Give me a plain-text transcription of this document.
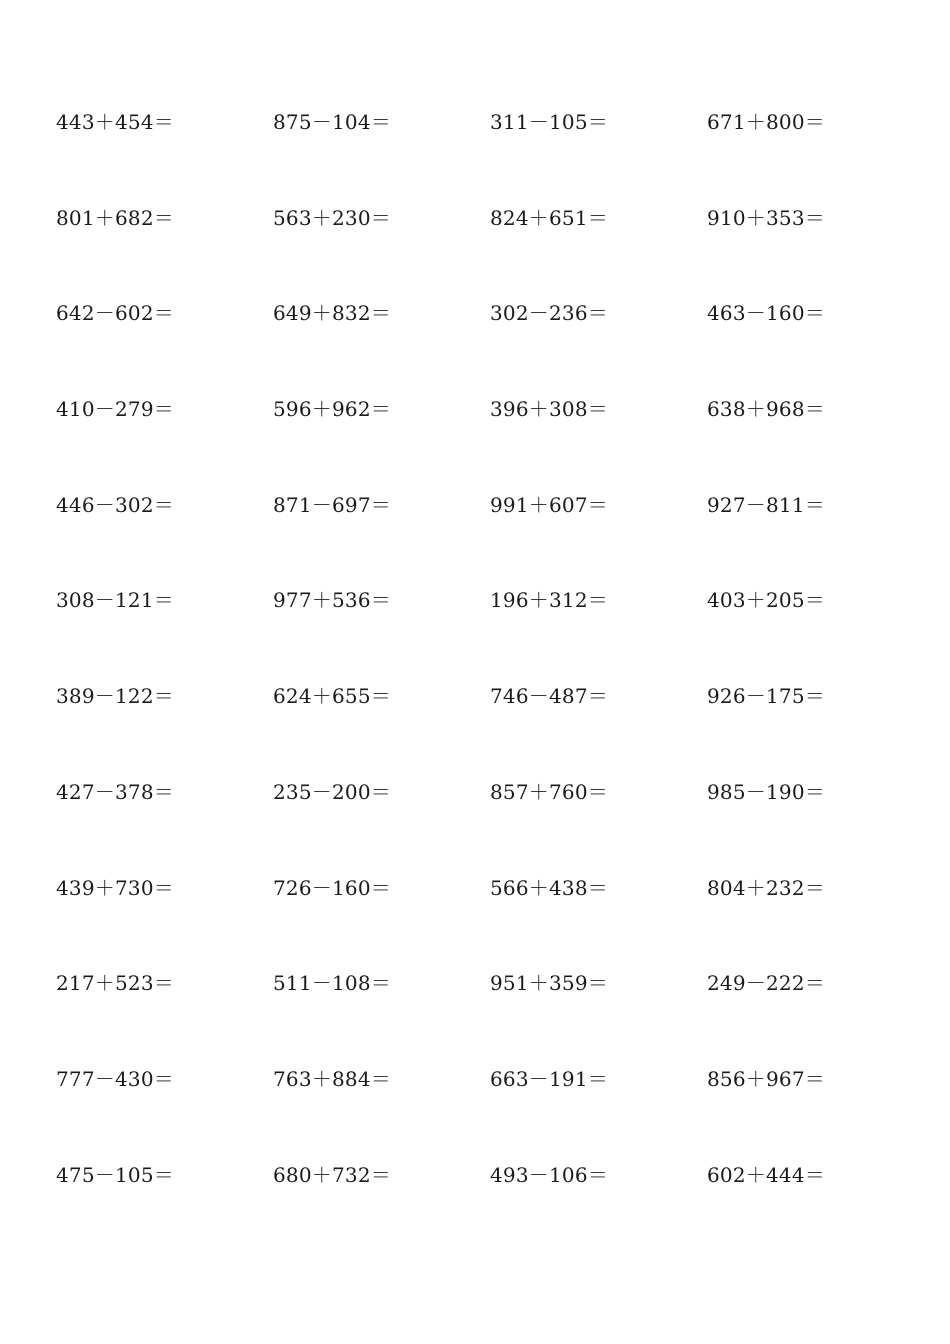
443＋454＝	875－104＝	311－105＝	671＋800＝
801＋682＝	563＋230＝	824＋651＝	910＋353＝
642－602＝	649＋832＝	302－236＝	463－160＝
410－279＝	596＋962＝	396＋308＝	638＋968＝
446－302＝	871－697＝	991＋607＝	927－811＝
308－121＝	977＋536＝	196＋312＝	403＋205＝
389－122＝	624＋655＝	746－487＝	926－175＝
427－378＝	235－200＝	857＋760＝	985－190＝
439＋730＝	726－160＝	566＋438＝	804＋232＝
217＋523＝	511－108＝	951＋359＝	249－222＝
777－430＝	763＋884＝	663－191＝	856＋967＝
475－105＝	680＋732＝	493－106＝	602＋444＝
